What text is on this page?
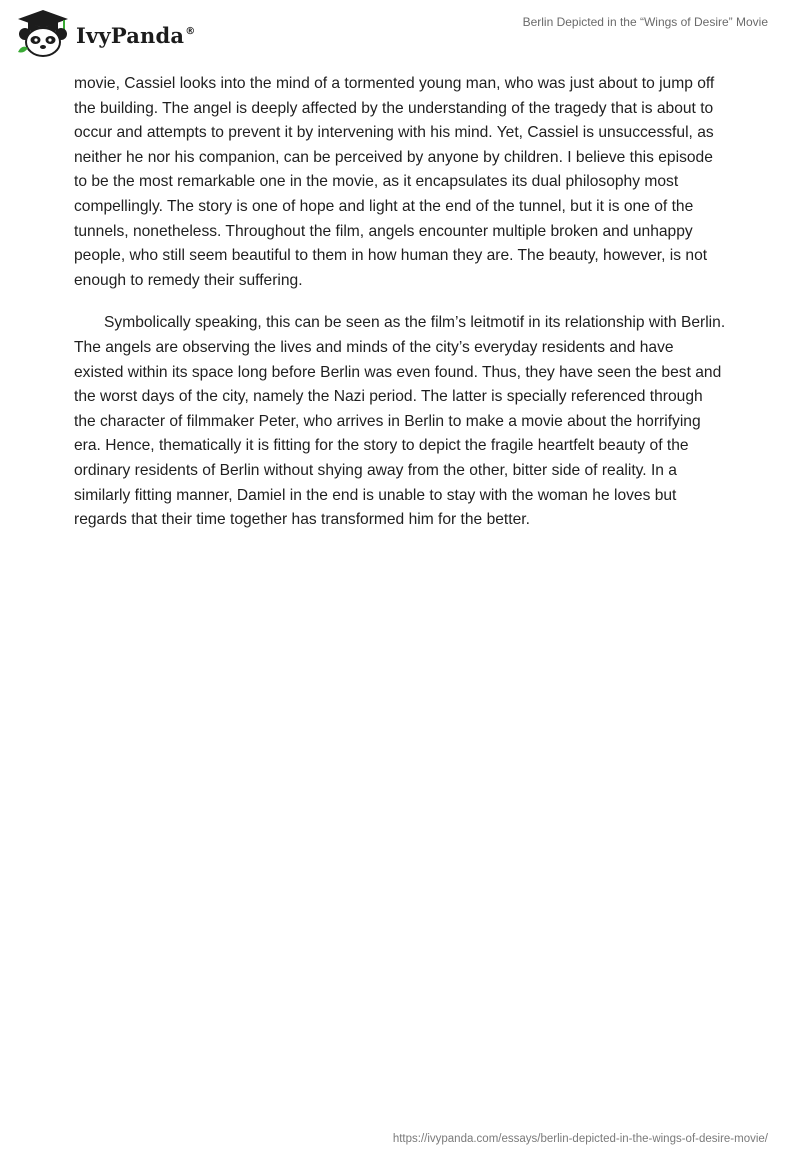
IvyPanda®
Berlin Depicted in the “Wings of Desire” Movie

movie, Cassiel looks into the mind of a tormented young man, who was just about to jump off the building. The angel is deeply affected by the understanding of the tragedy that is about to occur and attempts to prevent it by intervening with his mind. Yet, Cassiel is unsuccessful, as neither he nor his companion, can be perceived by anyone by children. I believe this episode to be the most remarkable one in the movie, as it encapsulates its dual philosophy most compellingly. The story is one of hope and light at the end of the tunnel, but it is one of the tunnels, nonetheless. Throughout the film, angels encounter multiple broken and unhappy people, who still seem beautiful to them in how human they are. The beauty, however, is not enough to remedy their suffering.

Symbolically speaking, this can be seen as the film’s leitmotif in its relationship with Berlin. The angels are observing the lives and minds of the city’s everyday residents and have existed within its space long before Berlin was even found. Thus, they have seen the best and the worst days of the city, namely the Nazi period. The latter is specially referenced through the character of filmmaker Peter, who arrives in Berlin to make a movie about the horrifying era. Hence, thematically it is fitting for the story to depict the fragile heartfelt beauty of the ordinary residents of Berlin without shying away from the other, bitter side of reality. In a similarly fitting manner, Damiel in the end is unable to stay with the woman he loves but regards that their time together has transformed him for the better.

https://ivypanda.com/essays/berlin-depicted-in-the-wings-of-desire-movie/
